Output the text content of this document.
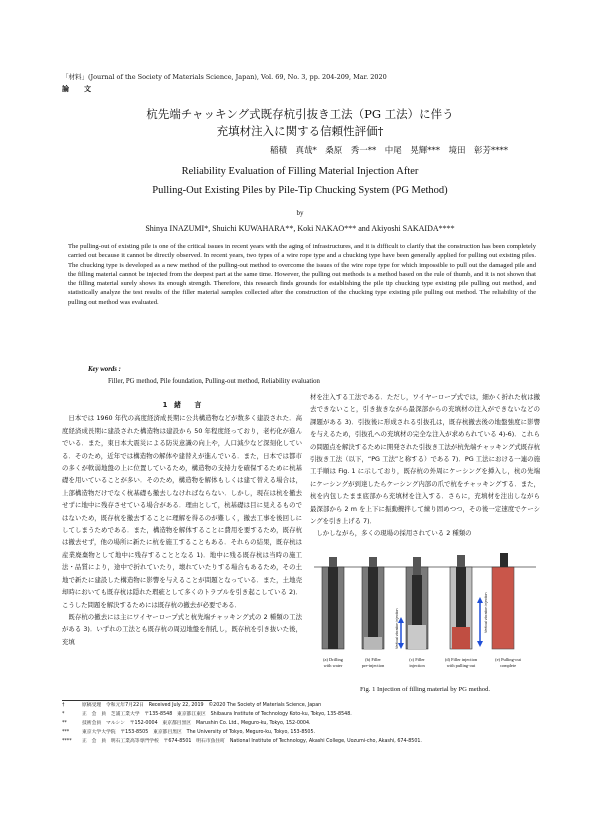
「材料」(Journal of the Society of Materials Science, Japan), Vol. 69, No. 3, pp. 204-209, Mar. 2020
論　文
杭先端チャッキング式既存杭引抜き工法（PG 工法）に伴う
充填材注入に関する信頼性評価†
稲積　真哉*　桑原　秀一**　中尾　晃輝***　境田　彰芳****
Reliability Evaluation of Filling Material Injection After
Pulling-Out Existing Piles by Pile-Tip Chucking System (PG Method)
by
Shinya INAZUMI*, Shuichi KUWAHARA**, Koki NAKAO*** and Akiyoshi SAKAIDA****
The pulling-out of existing pile is one of the critical issues in recent years with the aging of infrastructures, and it is difficult to clarify that the construction has been completely carried out because it cannot be directly observed. In recent years, two types of a wire rope type and a chucking type have been generally applied for pulling out existing piles. The chucking type is developed as a new method of the pulling-out method to overcome the issues of the wire rope type for which impossible to pull out the damaged pile and the filling material cannot be injected from the deepest part at the same time. However, the pulling out methods is a method based on the rule of thumb, and it is not shown that the filling material surely shows its enough strength. Therefore, this research finds grounds for establishing the pile tip chucking type existing pile pulling out method, and statistically analyze the test results of the filler material samples collected after the construction of the chucking type existing pile pulling out method. The reliability of the pulling out method was evaluated.
Key words :
Filler, PG method, Pile foundation, Pulling-out method, Reliability evaluation

1　緒　　言

日本では 1960 年代の高度経済成長期に公共構造物などが数多く建設された．高度経済成長期に建設された構造物は建設から 50 年程度経っており，老朽化が進んでいる．また，東日本大震災による防災意識の向上や，人口減少など深刻化している．そのため，近年では構造物の解体や建替えが進んでいる．また，日本では都市の多くが軟弱地盤の上に位置しているため，構造物の支持力を確保するために杭基礎を用いていることが多い．そのため，構造物を解体もしくは建て替える場合は，上部構造物だけでなく杭基礎も撤去しなければならない．しかし，現在は杭を撤去せずに地中に残存させている場合がある．理由として，杭基礎は目に見えるものではないため，既存杭を撤去することに理解を得るのが難しく，撤去工事を後回しにしてしまうためである．また，構造物を解体することに費用を要するため，既存杭は撤去せず，他の場所に新たに杭を施工することもある．それらの結果，既存杭は産業廃棄物として地中に残存することとなる 1)．地中に残る既存杭は当時の施工法・品質により，途中で折れていたり，壊れていたりする場合もあるため，その土地で新たに建設した構造物に影響を与えることが問題となっている．また，土地売却時においても既存杭は隠れた瑕疵として多くのトラブルを引き起こしている 2)．こうした問題を解決するためには既存杭の撤去が必要である．

既存杭の撤去には主にワイヤーロープ式と杭先端チャッキング式の 2 種類の工法がある 3)．いずれの工法とも既存杭の周辺地盤を削孔し，既存杭を引き抜いた後，充填

材を注入する工法である．ただし，ワイヤーロープ式では，細かく折れた杭は撤去できないこと，引き抜きながら最深部からの充填材の注入ができないなどの課題がある 3)．引抜後に形成される引抜孔は，既存杭撤去後の地盤強度に影響を与えるため，引抜孔への充填材の完全な注入が求められている 4)-6)．これらの問題点を解決するために開発された引抜き工法が杭先端チャッキング式既存杭引抜き工法（以下，“PG 工法”と称する）である 7)．PG 工法における一連の施工手順は Fig. 1 に示しており，既存杭の外周にケーシングを挿入し，杭の先端にケーシングが到達したらケーシング内部の爪で杭をチャッキングする．また，杭を内包したまま底部から充填材を注入する．さらに，充填材を注出しながら最深部から 2 m を上下に振動攪拌して練り固めつつ，その後一定速度でケーシングを引き上げる 7)．

しかしながら，多くの現場の採用されている 2 種類の

Vertical vibration injection	Vertical vibration injection
(a) Drilling
with water
(b) Filler
pre-injection
(c) Filler
injection
(d) Filler injection
with pulling-out
(e) Pulling-out
complete
Fig. 1 Injection of filling material by PG method.
†	原稿受理　令和元年7月22日　Received July 22, 2019　©2020 The Society of Materials Science, Japan
*	正　会　員　芝浦工業大学　〒135-8548　東京都江東区　Shibaura Institute of Technology Koto-ku, Tokyo, 135-8548.
**	技術会員　マルシン　〒152-0004　東京都目黒区　Marushin Co. Ltd., Meguro-ku, Tokyo, 152-0004.
***	東京大学大学院　〒153-8505　東京都目黒区　The University of Tokyo, Meguro-ku, Tokyo, 153-8505.
**** 正　会　員　明石工業高等専門学校　〒674-8501　明石市魚住町　National Institute of Technology, Akashi College, Uozumi-cho, Akashi, 674-8501.
